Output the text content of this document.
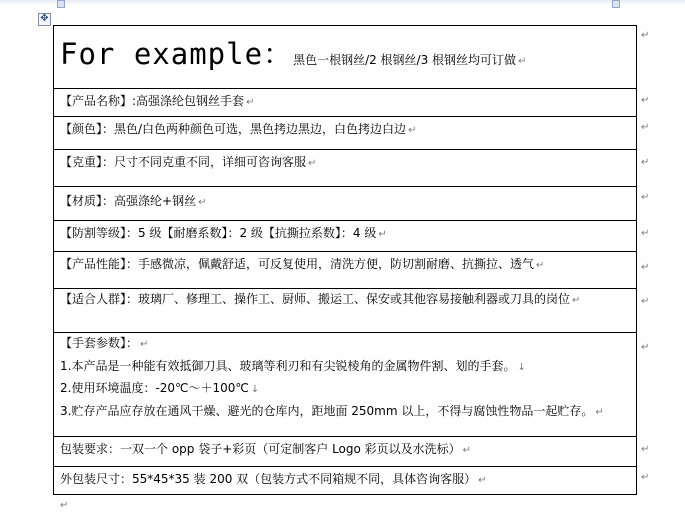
✥
For example：黑色一根钢丝/2 根钢丝/3 根钢丝均可订做 ↵
【产品名称】:高强涤纶包钢丝手套 ↵
【颜色】：黑色/白色两种颜色可选，黑色拷边黑边，白色拷边白边 ↵
【克重】：尺寸不同克重不同，详细可咨询客服 ↵
【材质】：高强涤纶+钢丝 ↵
【防割等级】：5 级【耐磨系数】：2 级【抗撕拉系数】：4 级 ↵
【产品性能】：手感微凉，佩戴舒适，可反复使用，清洗方便，防切割耐磨、抗撕拉、透气 ↵
【适合人群】：玻璃厂、修理工、操作工、厨师、搬运工、保安或其他容易接触利器或刀具的岗位 ↵

【手套参数】： ↵
1.本产品是一种能有效抵御刀具、玻璃等利刃和有尖锐棱角的金属物件割、划的手套。 ↓
2.使用环境温度：-20℃～＋100℃ ↓
3.贮存产品应存放在通风干燥、避光的仓库内，距地面 250mm 以上，不得与腐蚀性物品一起贮存。 ↵

包装要求：一双一个 opp 袋子+彩页（可定制客户 Logo 彩页以及水洗标） ↵
外包装尺寸：55*45*35 装 200 双（包装方式不同箱规不同，具体咨询客服） ↵
↵
↵
↵
↵
↵
↵
↵
↵
↵
↵
↵
↵
